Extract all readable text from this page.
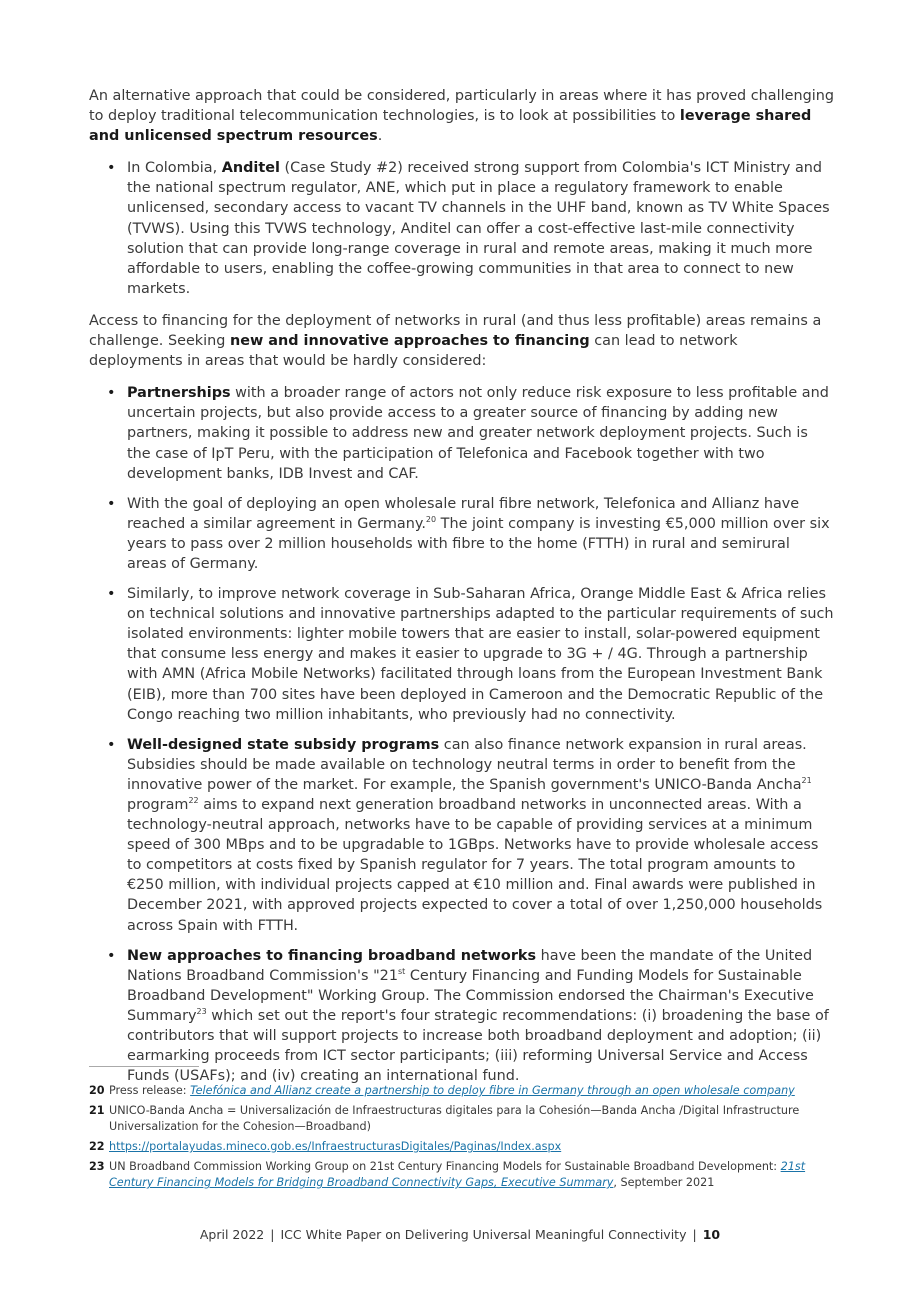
An alternative approach that could be considered, particularly in areas where it has proved challenging to deploy traditional telecommunication technologies, is to look at possibilities to leverage shared and unlicensed spectrum resources.

• In Colombia, Anditel (Case Study #2) received strong support from Colombia's ICT Ministry and the national spectrum regulator, ANE, which put in place a regulatory framework to enable unlicensed, secondary access to vacant TV channels in the UHF band, known as TV White Spaces (TVWS). Using this TVWS technology, Anditel can offer a cost-effective last-mile connectivity solution that can provide long-range coverage in rural and remote areas, making it much more affordable to users, enabling the coffee-growing communities in that area to connect to new markets.

Access to financing for the deployment of networks in rural (and thus less profitable) areas remains a challenge. Seeking new and innovative approaches to financing can lead to network deployments in areas that would be hardly considered:

• Partnerships with a broader range of actors not only reduce risk exposure to less profitable and uncertain projects, but also provide access to a greater source of financing by adding new partners, making it possible to address new and greater network deployment projects. Such is the case of IpT Peru, with the participation of Telefonica and Facebook together with two development banks, IDB Invest and CAF.
• With the goal of deploying an open wholesale rural fibre network, Telefonica and Allianz have reached a similar agreement in Germany.$^{20}$ The joint company is investing €5,000 million over six years to pass over 2 million households with fibre to the home (FTTH) in rural and semirural areas of Germany.
• Similarly, to improve network coverage in Sub-Saharan Africa, Orange Middle East & Africa relies on technical solutions and innovative partnerships adapted to the particular requirements of such isolated environments: lighter mobile towers that are easier to install, solar-powered equipment that consume less energy and makes it easier to upgrade to 3G + / 4G. Through a partnership with AMN (Africa Mobile Networks) facilitated through loans from the European Investment Bank (EIB), more than 700 sites have been deployed in Cameroon and the Democratic Republic of the Congo reaching two million inhabitants, who previously had no connectivity.
• Well-designed state subsidy programs can also finance network expansion in rural areas. Subsidies should be made available on technology neutral terms in order to benefit from the innovative power of the market. For example, the Spanish government's UNICO-Banda Ancha$^{21}$ program$^{22}$ aims to expand next generation broadband networks in unconnected areas. With a technology-neutral approach, networks have to be capable of providing services at a minimum speed of 300 MBps and to be upgradable to 1GBps. Networks have to provide wholesale access to competitors at costs fixed by Spanish regulator for 7 years. The total program amounts to €250 million, with individual projects capped at €10 million and. Final awards were published in December 2021, with approved projects expected to cover a total of over 1,250,000 households across Spain with FTTH.
• New approaches to financing broadband networks have been the mandate of the United Nations Broadband Commission's "21st Century Financing and Funding Models for Sustainable Broadband Development" Working Group. The Commission endorsed the Chairman's Executive Summary$^{23}$ which set out the report's four strategic recommendations: (i) broadening the base of contributors that will support projects to increase both broadband deployment and adoption; (ii) earmarking proceeds from ICT sector participants; (iii) reforming Universal Service and Access Funds (USAFs); and (iv) creating an international fund.
20 Press release: Telefónica and Allianz create a partnership to deploy fibre in Germany through an open wholesale company
21 UNICO-Banda Ancha = Universalización de Infraestructuras digitales para la Cohesión—Banda Ancha /Digital Infrastructure Universalization for the Cohesion—Broadband)
22 https://portalayudas.mineco.gob.es/InfraestructurasDigitales/Paginas/Index.aspx
23 UN Broadband Commission Working Group on 21st Century Financing Models for Sustainable Broadband Development: 21st Century Financing Models for Bridging Broadband Connectivity Gaps, Executive Summary, September 2021
April 2022 | ICC White Paper on Delivering Universal Meaningful Connectivity | 10
